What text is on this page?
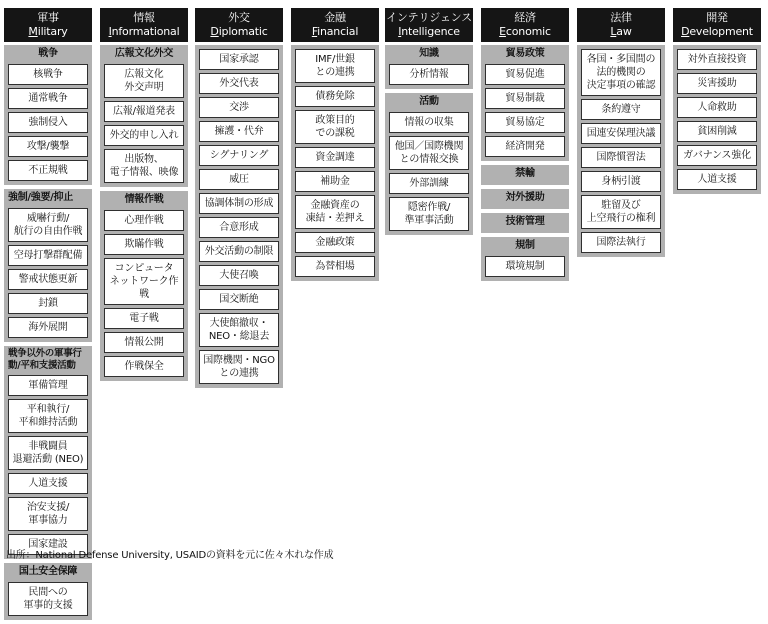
軍事
Military
戦争
核戦争
通常戦争
強制侵入
攻撃/襲撃
不正規戦
強制/強要/抑止
威嚇行動/
航行の自由作戦
空母打撃群配備
警戒状態更新
封鎖
海外展開
戦争以外の軍事行動/平和支援活動
軍備管理
平和執行/
平和維持活動
非戦闘員
退避活動 (NEO)
人道支援
治安支援/
軍事協力
国家建設
国土安全保障
民間への
軍事的支援
情報
Informational
広報文化外交
広報文化
外交声明
広報/報道発表
外交的申し入れ
出版物、
電子情報、映像
情報作戦
心理作戦
欺瞞作戦
コンピュータ
ネットワーク作戦
電子戦
情報公開
作戦保全
外交
Diplomatic
国家承認
外交代表
交渉
擁護・代弁
シグナリング
威圧
協調体制の形成
合意形成
外交活動の制限
大使召喚
国交断絶
大使館撤収・
NEO・総退去
国際機関・NGO
との連携
金融
Financial
IMF/世銀
との連携
債務免除
政策目的
での課税
資金調達
補助金
金融資産の
凍結・差押え
金融政策
為替相場
インテリジェンス
Intelligence
知識
分析情報
活動
情報の収集
他国／国際機関
との情報交換
外部訓練
隠密作戦/
準軍事活動
経済
Economic
貿易政策
貿易促進
貿易制裁
貿易協定
経済開発
禁輸
対外援助
技術管理
規制
環境規制
法律
Law
各国・多国間の
法的機関の
決定事項の確認
条約遵守
国連安保理決議
国際慣習法
身柄引渡
駐留及び
上空飛行の権利
国際法執行
開発
Development
対外直接投資
災害援助
人命救助
貧困削減
ガバナンス強化
人道支援
出所：National Defense University, USAIDの資料を元に佐々木れな作成
